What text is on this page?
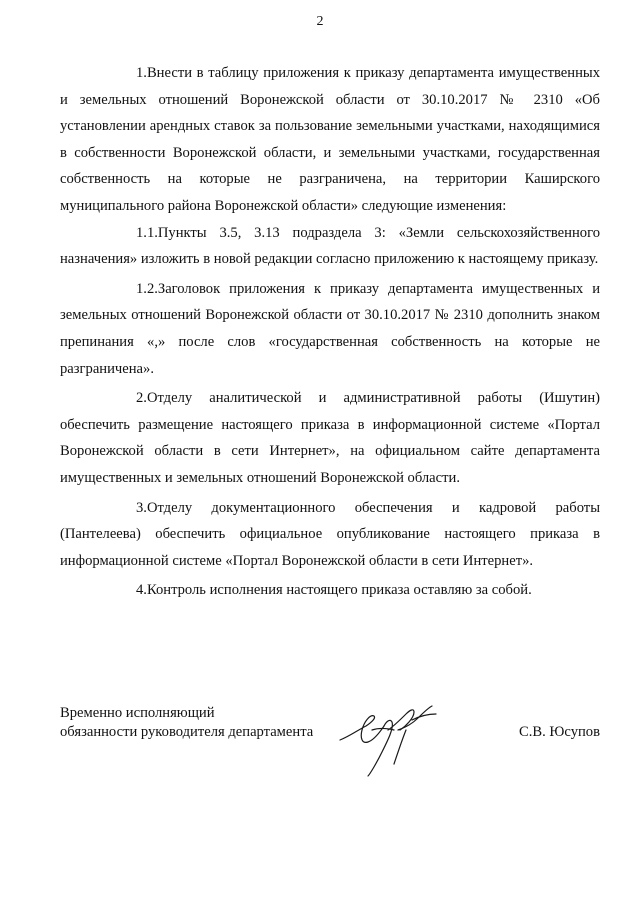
2

1.Внести в таблицу приложения к приказу департамента имущественных и земельных отношений Воронежской области от 30.10.2017 № 2310 «Об установлении арендных ставок за пользование земельными участками, находящимися в собственности Воронежской области, и земельными участками, государственная собственность на которые не разграничена, на территории Каширского муниципального района Воронежской области» следующие изменения:

1.1.Пункты 3.5, 3.13 подраздела 3: «Земли сельскохозяйственного назначения» изложить в новой редакции согласно приложению к настоящему приказу.

1.2.Заголовок приложения к приказу департамента имущественных и земельных отношений Воронежской области от 30.10.2017 № 2310 дополнить знаком препинания «,» после слов «государственная собственность на которые не разграничена».

2.Отделу аналитической и административной работы (Ишутин) обеспечить размещение настоящего приказа в информационной системе «Портал Воронежской области в сети Интернет», на официальном сайте департамента имущественных и земельных отношений Воронежской области.

3.Отделу документационного обеспечения и кадровой работы (Пантелеева) обеспечить официальное опубликование настоящего приказа в информационной системе «Портал Воронежской области в сети Интернет».

4.Контроль исполнения настоящего приказа оставляю за собой.

Временно исполняющий
обязанности руководителя департамента	С.В. Юсупов
